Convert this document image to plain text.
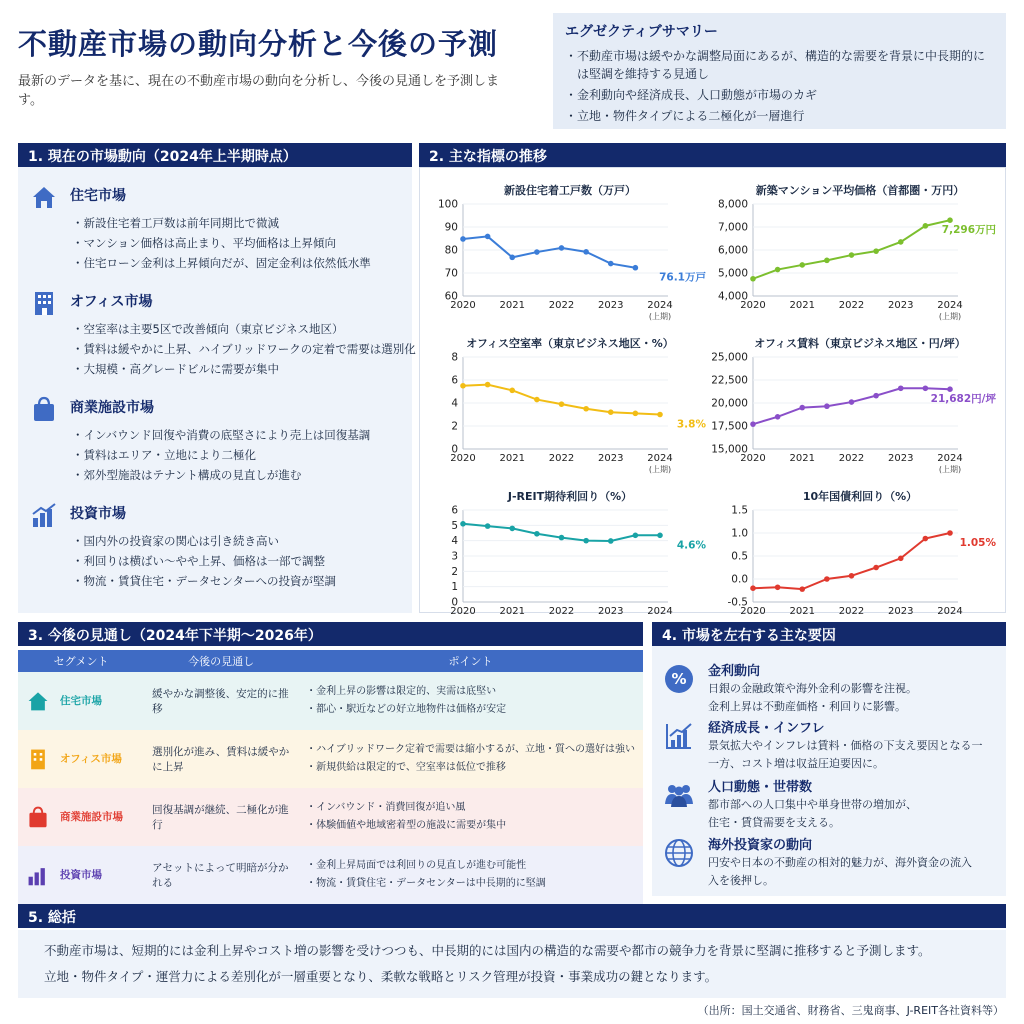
不動産市場の動向分析と今後の予測
最新のデータを基に、現在の不動産市場の動向を分析し、今後の見通しを予測します。
エグゼクティブサマリー
・不動産市場は緩やかな調整局面にあるが、構造的な需要を背景に中長期的には堅調を維持する見通し
・金利動向や経済成長、人口動態が市場のカギ
・立地・物件タイプによる二極化が一層進行
1. 現在の市場動向（2024年上半期時点）
住宅市場
・新設住宅着工戸数は前年同期比で微減
・マンション価格は高止まり、平均価格は上昇傾向
・住宅ローン金利は上昇傾向だが、固定金利は依然低水準
オフィス市場
・空室率は主要5区で改善傾向（東京ビジネス地区）
・賃料は緩やかに上昇、ハイブリッドワークの定着で需要は選別化
・大規模・高グレードビルに需要が集中
商業施設市場
・インバウンド回復や消費の底堅さにより売上は回復基調
・賃料はエリア・立地により二極化
・郊外型施設はテナント構成の見直しが進む
投資市場
・国内外の投資家の関心は引き続き高い
・利回りは横ばい～やや上昇、価格は一部で調整
・物流・賃貸住宅・データセンターへの投資が堅調
2. 主な指標の推移
新設住宅着工戸数（万戸）
60
70
80
90
100
2020 2021 2022 2023 2024
(上期)
76.1万戸
新築マンション平均価格（首都圏・万円）
4,000
5,000
6,000
7,000
8,000
2020 2021 2022 2023 2024
(上期)
7,296万円
オフィス空室率（東京ビジネス地区・%）
0
2
4
6
8
2020 2021 2022 2023 2024
(上期)
3.8%
オフィス賃料（東京ビジネス地区・円/坪）
15,000
17,500
20,000
22,500
25,000
2020 2021 2022 2023 2024
(上期)
21,682円/坪
J-REIT期待利回り（%）
0
1
2
3
4
5
6
2020 2021 2022 2023 2024
4.6%
10年国債利回り（%）
-0.5
0.0
0.5
1.0
1.5
2020 2021 2022 2023 2024
1.05%
3. 今後の見通し（2024年下半期～2026年）
セグメント	今後の見通し	ポイント
住宅市場	緩やかな調整後、安定的に推移	・金利上昇の影響は限定的、実需は底堅い
・都心・駅近などの好立地物件は価格が安定

オフィス市場	選別化が進み、賃料は緩やかに上昇	・ハイブリッドワーク定着で需要は縮小するが、立地・質への選好は強い
・新規供給は限定的で、空室率は低位で推移

商業施設市場	回復基調が継続、二極化が進行	・インバウンド・消費回復が追い風
・体験価値や地域密着型の施設に需要が集中

投資市場	アセットによって明暗が分かれる	・金利上昇局面では利回りの見直しが進む可能性
・物流・賃貸住宅・データセンターは中長期的に堅調
4. 市場を左右する主な要因
% 金利動向

日銀の金融政策や海外金利の影響を注視。
金利上昇は不動産価格・利回りに影響。

経済成長・インフレ

景気拡大やインフレは賃料・価格の下支え要因となる一
一方、コスト増は収益圧迫要因に。

人口動態・世帯数

都市部への人口集中や単身世帯の増加が、
住宅・賃貸需要を支える。

海外投資家の動向

円安や日本の不動産の相対的魅力が、海外資金の流入
入を後押し。

5. 総括

不動産市場は、短期的には金利上昇やコスト増の影響を受けつつも、中長期的には国内の構造的な需要や都市の競争力を背景に堅調に推移すると予測します。

立地・物件タイプ・運営力による差別化が一層重要となり、柔軟な戦略とリスク管理が投資・事業成功の鍵となります。

（出所：国土交通省、財務省、三鬼商事、J-REIT各社資料等）
